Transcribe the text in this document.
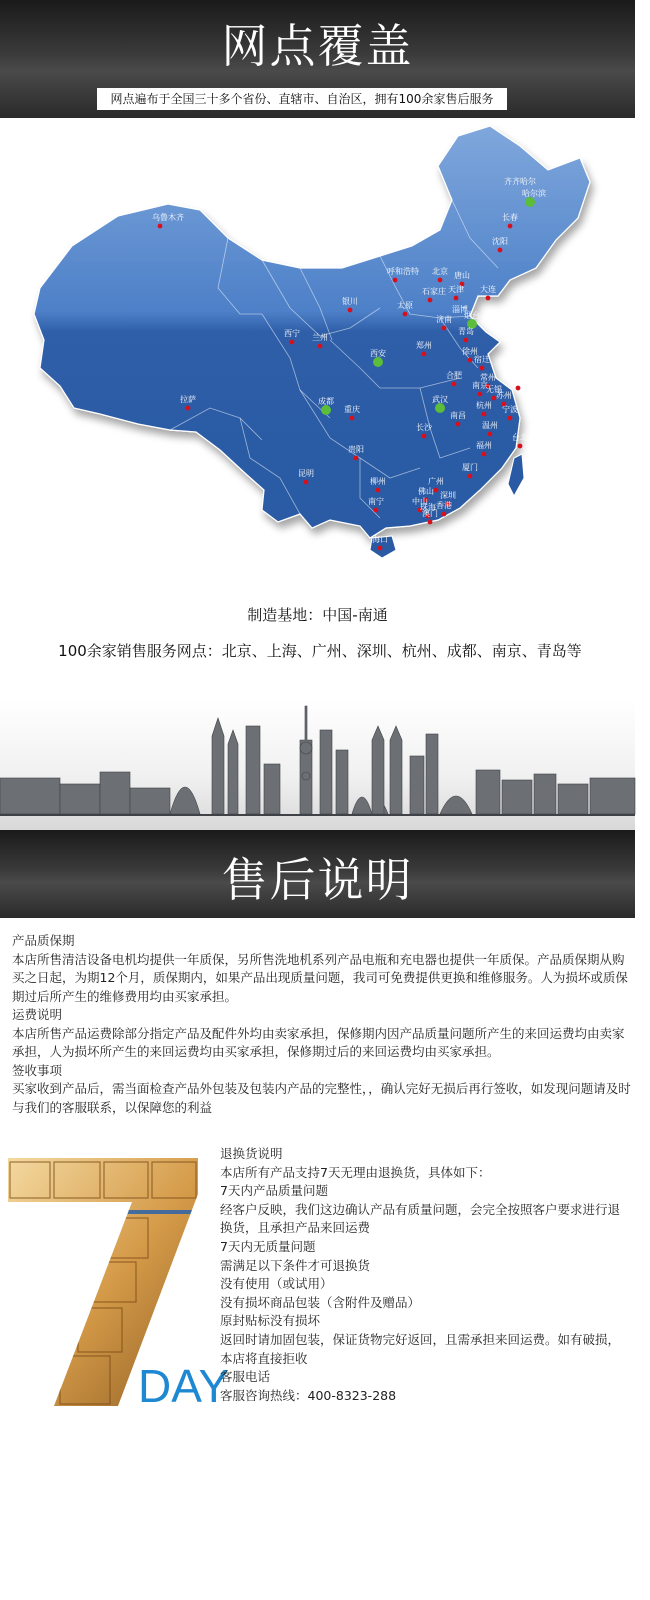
网点覆盖
网点遍布于全国三十多个省份、直辖市、自治区，拥有100余家售后服务
乌鲁木齐
拉萨
西宁 兰州
银川
呼和浩特
太原
石家庄
北京
天津
唐山
大连
沈阳
长春
哈尔滨
齐齐哈尔
济南
淄博
烟台
青岛
西安
郑州
徐州
宿迁
合肥
南京
常州
无锡
苏州
上海
杭州 宁波
温州
武汉
成都
重庆
长沙
南昌
福州
厦门
台北
贵阳
昆明
柳州
南宁
广州
佛山
中山
珠海
深圳
香港
澳门
海口
制造基地：中国-南通
100余家销售服务网点：北京、上海、广州、深圳、杭州、成都、南京、青岛等
售后说明

产品质保期

本店所售清洁设备电机均提供一年质保，另所售洗地机系列产品电瓶和充电器也提供一年质保。产品质保期从购买之日起，为期12个月，质保期内，如果产品出现质量问题，我司可免费提供更换和维修服务。人为损坏或质保期过后所产生的维修费用均由买家承担。

运费说明

本店所售产品运费除部分指定产品及配件外均由卖家承担，保修期内因产品质量问题所产生的来回运费均由卖家承担，人为损坏所产生的来回运费均由买家承担，保修期过后的来回运费均由买家承担。

签收事项

买家收到产品后，需当面检查产品外包装及包装内产品的完整性，，确认完好无损后再行签收，如发现问题请及时与我们的客服联系，以保障您的利益

DAY

退换货说明

本店所有产品支持7天无理由退换货，具体如下：

7天内产品质量问题

经客户反映，我们这边确认产品有质量问题，会完全按照客户要求进行退换货，且承担产品来回运费

7天内无质量问题

需满足以下条件才可退换货

没有使用（或试用）

没有损坏商品包装（含附件及赠品）

原封贴标没有损坏

返回时请加固包装，保证货物完好返回，且需承担来回运费。如有破损，本店将直接拒收

客服电话

客服咨询热线：400-8323-288
